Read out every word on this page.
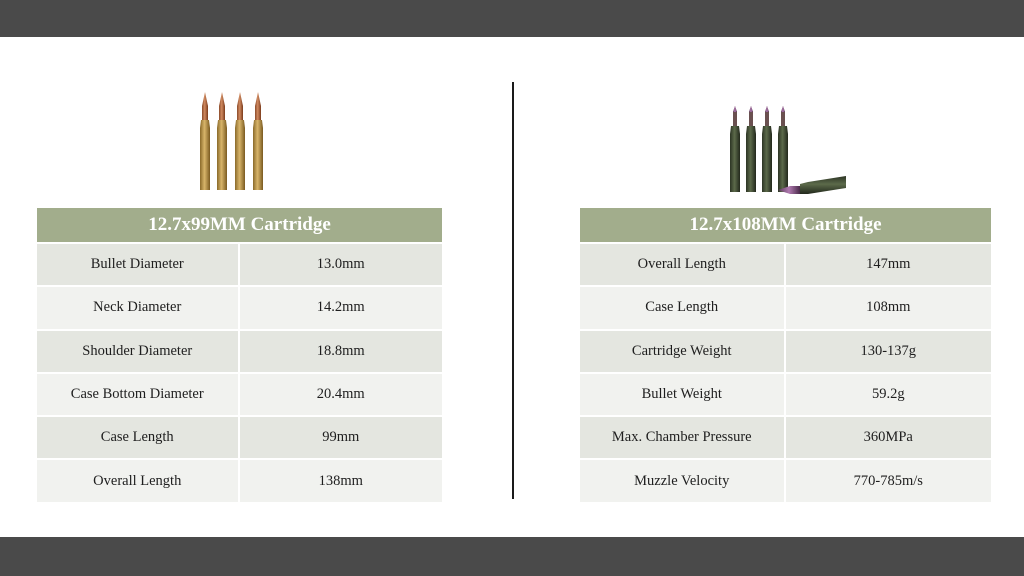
12.7x99MM Cartridge
Bullet Diameter	13.0mm
Neck Diameter	14.2mm
Shoulder Diameter	18.8mm
Case Bottom Diameter	20.4mm
Case Length	99mm
Overall Length	138mm
12.7x108MM Cartridge
Overall Length	147mm
Case Length	108mm
Cartridge Weight	130-137g
Bullet Weight	59.2g
Max. Chamber Pressure	360MPa
Muzzle Velocity	770-785m/s
